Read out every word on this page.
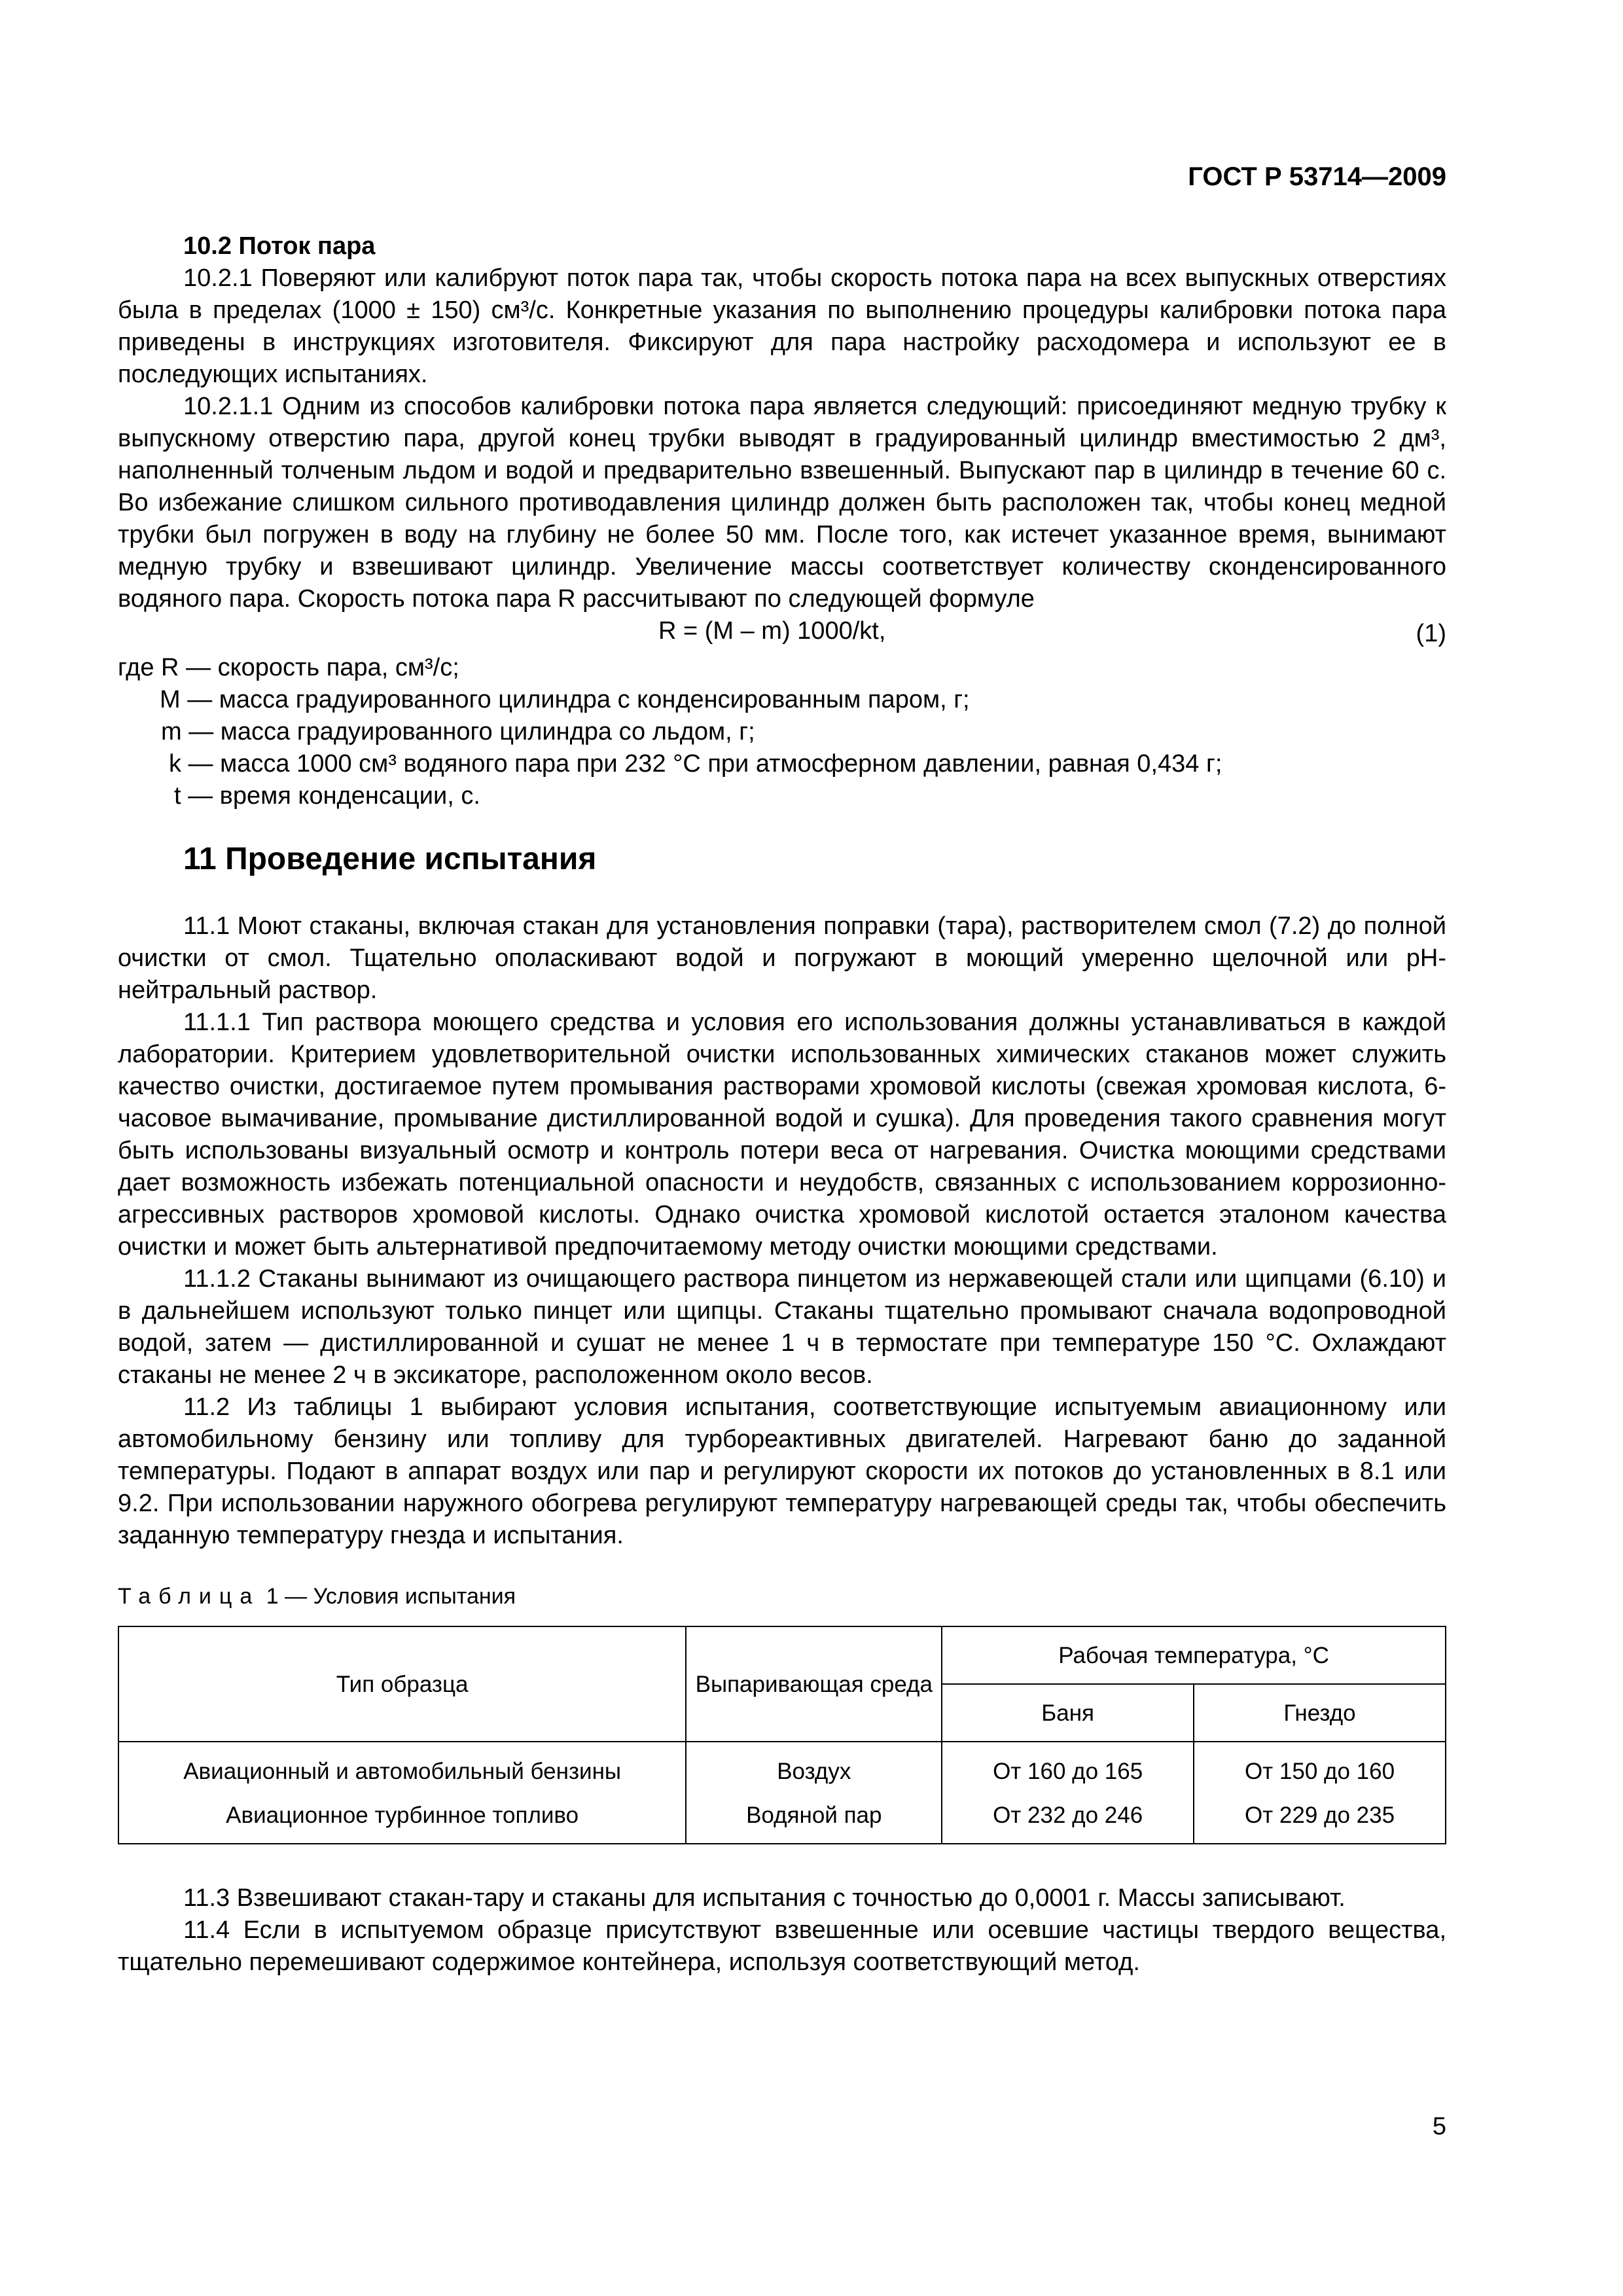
ГОСТ Р 53714—2009

10.2 Поток пара

10.2.1 Поверяют или калибруют поток пара так, чтобы скорость потока пара на всех выпускных отверстиях была в пределах (1000 ± 150) см³/с. Конкретные указания по выполнению процедуры калибровки потока пара приведены в инструкциях изготовителя. Фиксируют для пара настройку расходомера и используют ее в последующих испытаниях.

10.2.1.1 Одним из способов калибровки потока пара является следующий: присоединяют медную трубку к выпускному отверстию пара, другой конец трубки выводят в градуированный цилиндр вместимостью 2 дм³, наполненный толченым льдом и водой и предварительно взвешенный. Выпускают пар в цилиндр в течение 60 с. Во избежание слишком сильного противодавления цилиндр должен быть расположен так, чтобы конец медной трубки был погружен в воду на глубину не более 50 мм. После того, как истечет указанное время, вынимают медную трубку и взвешивают цилиндр. Увеличение массы соответствует количеству сконденсированного водяного пара. Скорость потока пара R рассчитывают по следующей формуле

R = (M – m) 1000/kt,	(1)
где R — скорость пара, см³/с;
M — масса градуированного цилиндра с конденсированным паром, г;
m — масса градуированного цилиндра со льдом, г;
k — масса 1000 см³ водяного пара при 232 °C при атмосферном давлении, равная 0,434 г;
t — время конденсации, с.
11 Проведение испытания

11.1 Моют стаканы, включая стакан для установления поправки (тара), растворителем смол (7.2) до полной очистки от смол. Тщательно ополаскивают водой и погружают в моющий умеренно щелочной или pH-нейтральный раствор.

11.1.1 Тип раствора моющего средства и условия его использования должны устанавливаться в каждой лаборатории. Критерием удовлетворительной очистки использованных химических стаканов может служить качество очистки, достигаемое путем промывания растворами хромовой кислоты (свежая хромовая кислота, 6-часовое вымачивание, промывание дистиллированной водой и сушка). Для проведения такого сравнения могут быть использованы визуальный осмотр и контроль потери веса от нагревания. Очистка моющими средствами дает возможность избежать потенциальной опасности и неудобств, связанных с использованием коррозионно-агрессивных растворов хромовой кислоты. Однако очистка хромовой кислотой остается эталоном качества очистки и может быть альтернативой предпочитаемому методу очистки моющими средствами.

11.1.2 Стаканы вынимают из очищающего раствора пинцетом из нержавеющей стали или щипцами (6.10) и в дальнейшем используют только пинцет или щипцы. Стаканы тщательно промывают сначала водопроводной водой, затем — дистиллированной и сушат не менее 1 ч в термостате при температуре 150 °C. Охлаждают стаканы не менее 2 ч в эксикаторе, расположенном около весов.

11.2 Из таблицы 1 выбирают условия испытания, соответствующие испытуемым авиационному или автомобильному бензину или топливу для турбореактивных двигателей. Нагревают баню до заданной температуры. Подают в аппарат воздух или пар и регулируют скорости их потоков до установленных в 8.1 или 9.2. При использовании наружного обогрева регулируют температуру нагревающей среды так, чтобы обеспечить заданную температуру гнезда и испытания.

Таблица 1 — Условия испытания
Тип образца	Выпаривающая среда	Рабочая температура, °C	
		Баня	Гнездо
Авиационный и автомобильный бензины	Воздух	От 160 до 165	От 150 до 160
Авиационное турбинное топливо	Водяной пар	От 232 до 246	От 229 до 235

11.3 Взвешивают стакан-тару и стаканы для испытания с точностью до 0,0001 г. Массы записывают.

11.4 Если в испытуемом образце присутствуют взвешенные или осевшие частицы твердого вещества, тщательно перемешивают содержимое контейнера, используя соответствующий метод.

5
